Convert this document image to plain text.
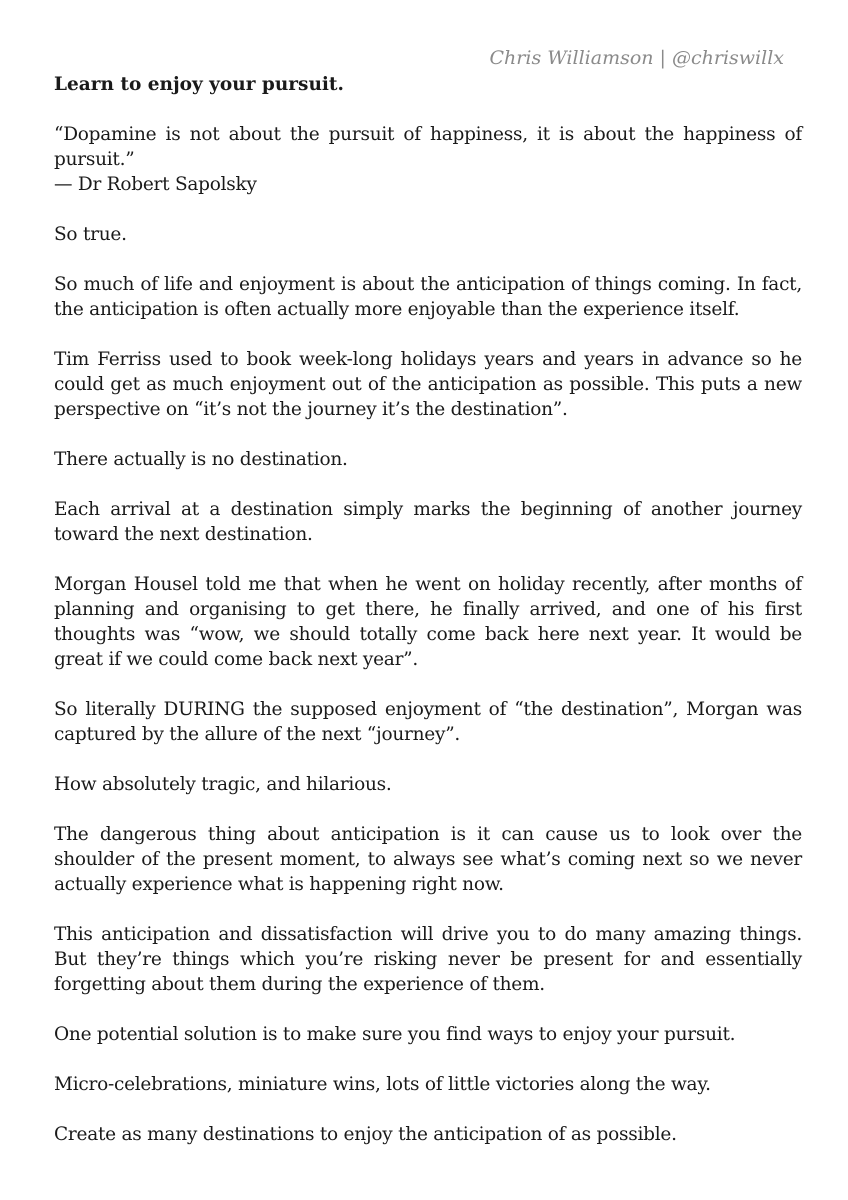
Chris Williamson | @chriswillx
Learn to enjoy your pursuit.
“Dopamine is not about the pursuit of happiness, it is about the happiness of pursuit.”
— Dr Robert Sapolsky
So true.
So much of life and enjoyment is about the anticipation of things coming. In fact, the anticipation is often actually more enjoyable than the experience itself.
Tim Ferriss used to book week-long holidays years and years in advance so he could get as much enjoyment out of the anticipation as possible. This puts a new perspective on “it’s not the journey it’s the destination”.
There actually is no destination.
Each arrival at a destination simply marks the beginning of another journey toward the next destination.
Morgan Housel told me that when he went on holiday recently, after months of planning and organising to get there, he finally arrived, and one of his first thoughts was “wow, we should totally come back here next year. It would be great if we could come back next year”.
So literally DURING the supposed enjoyment of “the destination”, Morgan was captured by the allure of the next “journey”.
How absolutely tragic, and hilarious.
The dangerous thing about anticipation is it can cause us to look over the shoulder of the present moment, to always see what’s coming next so we never actually experience what is happening right now.
This anticipation and dissatisfaction will drive you to do many amazing things. But they’re things which you’re risking never be present for and essentially forgetting about them during the experience of them.
One potential solution is to make sure you find ways to enjoy your pursuit.
Micro-celebrations, miniature wins, lots of little victories along the way.
Create as many destinations to enjoy the anticipation of as possible.
